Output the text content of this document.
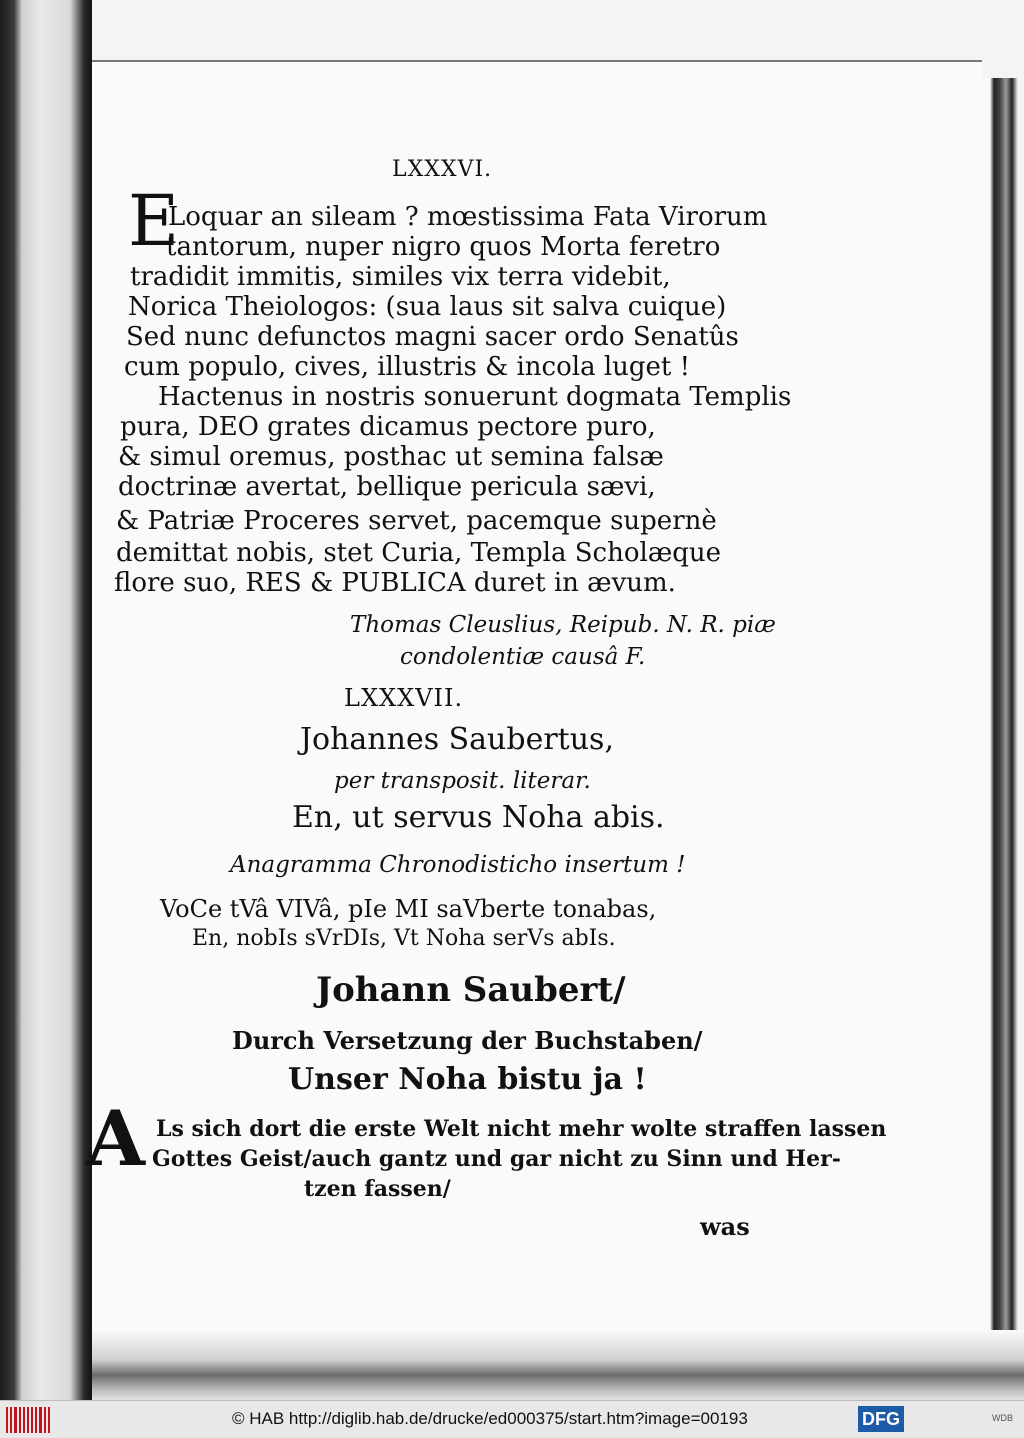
LXXXVI.
E
Loquar an sileam ? mœstissima Fata Virorum
tantorum, nuper nigro quos Morta feretro
tradidit immitis, similes vix terra videbit,
Norica Theiologos: (sua laus sit salva cuique)
Sed nunc defunctos magni sacer ordo Senatûs
cum populo, cives, illustris & incola luget !
Hactenus in nostris sonuerunt dogmata Templis
pura, DEO grates dicamus pectore puro,
& simul oremus, posthac ut semina falsæ
doctrinæ avertat, bellique pericula sævi,
& Patriæ Proceres servet, pacemque supernè
demittat nobis, stet Curia, Templa Scholæque
flore suo, RES & PUBLICA duret in ævum.
Thomas Cleuslius, Reipub. N. R. piæ
condolentiæ causâ F.
LXXXVII.
Johannes Saubertus,
per transposit. literar.
En, ut servus Noha abis.
Anagramma Chronodisticho insertum !
VoCe tVâ VIVâ, pIe MI saVberte tonabas,
En, nobIs sVrDIs, Vt Noha serVs abIs.
Johann Saubert/
Durch Versetzung der Buchstaben/
Unser Noha bistu ja !
A Ls sich dort die erste Welt nicht mehr wolte straffen lassen
Gottes Geist/auch gantz und gar nicht zu Sinn und Her-
tzen fassen/
was
© HAB http://diglib.hab.de/drucke/ed000375/start.htm?image=00193	DFG	WDB
